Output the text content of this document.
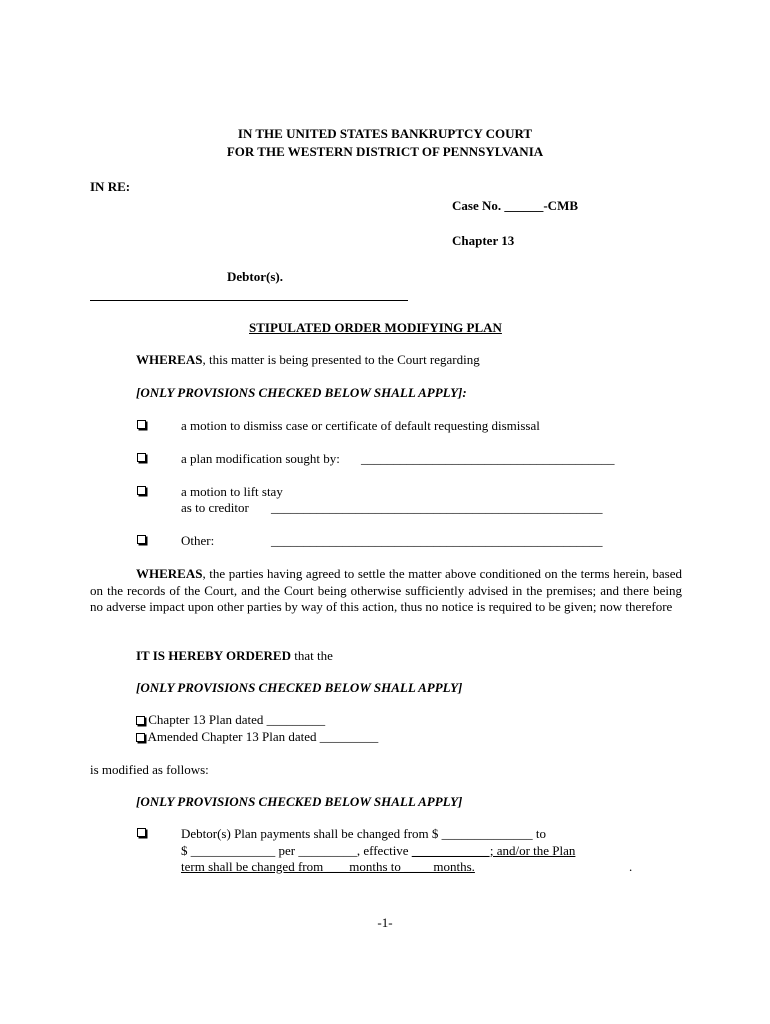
IN THE UNITED STATES BANKRUPTCY COURT
FOR THE WESTERN DISTRICT OF PENNSYLVANIA
IN RE:
Case No. ______-CMB
Chapter 13
Debtor(s).
STIPULATED ORDER MODIFYING PLAN
WHEREAS, this matter is being presented to the Court regarding
[ONLY PROVISIONS CHECKED BELOW SHALL APPLY]:
a motion to dismiss case or certificate of default requesting dismissal
a plan modification sought by: _______________________________________
a motion to lift stay
as to creditor ___________________________________________________
Other:	___________________________________________________
WHEREAS, the parties having agreed to settle the matter above conditioned on the terms herein, based on the records of the Court, and the Court being otherwise sufficiently advised in the premises; and there being no adverse impact upon other parties by way of this action, thus no notice is required to be given; now therefore
IT IS HEREBY ORDERED that the
[ONLY PROVISIONS CHECKED BELOW SHALL APPLY]
Chapter 13 Plan dated _________
Amended Chapter 13 Plan dated _________
is modified as follows:
[ONLY PROVISIONS CHECKED BELOW SHALL APPLY]
Debtor(s) Plan payments shall be changed from $ ______________ to
$ _____________ per _________, effective ____________; and/or the Plan
term shall be changed from ___ months to ____ months.	.
-1-
